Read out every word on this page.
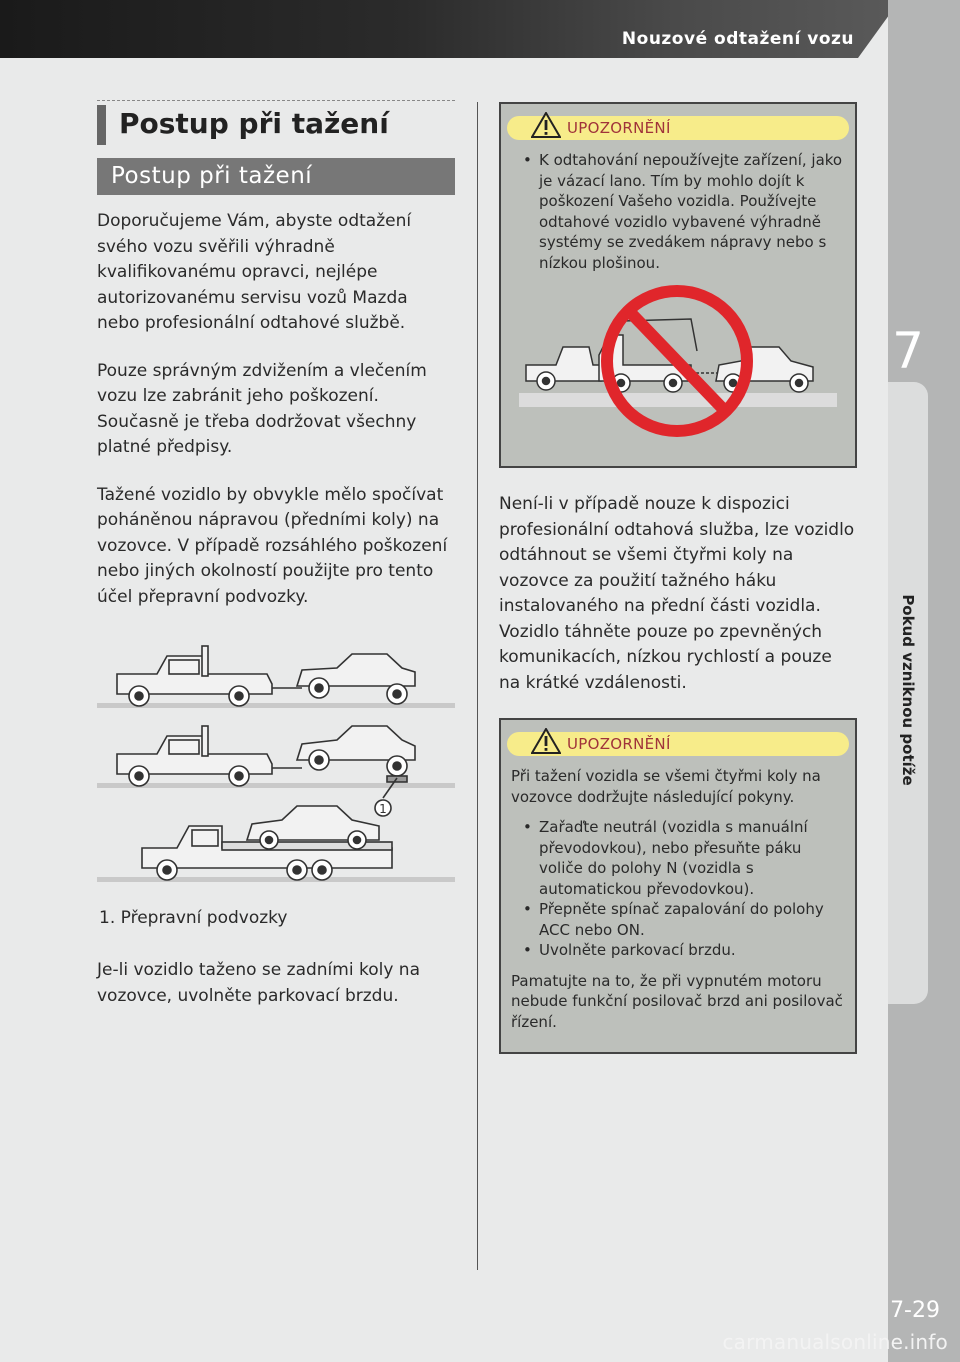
Nouzové odtažení vozu
7
Pokud vzniknou potíže
7-29
carmanualsonline.info
Postup při tažení
Postup při tažení

Doporučujeme Vám, abyste odtažení svého vozu svěřili výhradně kvalifikovanému opravci, nejlépe autorizovanému servisu vozů Mazda nebo profesionální odtahové službě.

Pouze správným zdvižením a vlečením vozu lze zabránit jeho poškození. Současně je třeba dodržovat všechny platné předpisy.

Tažené vozidlo by obvykle mělo spočívat poháněnou nápravou (předními koly) na vozovce. V případě rozsáhlého poškození nebo jiných okolností použijte pro tento účel přepravní podvozky.

1

1. Přepravní podvozky

Je-li vozidlo taženo se zadními koly na vozovce, uvolněte parkovací brzdu.

UPOZORNĚNÍ
• K odtahování nepoužívejte zařízení, jako je vázací lano. Tím by mohlo dojít k poškození Vašeho vozidla. Používejte odtahové vozidlo vybavené výhradně systémy se zvedákem nápravy nebo s nízkou plošinou.

Není-li v případě nouze k dispozici profesionální odtahová služba, lze vozidlo odtáhnout se všemi čtyřmi koly na vozovce za použití tažného háku instalovaného na přední části vozidla. Vozidlo táhněte pouze po zpevněných komunikacích, nízkou rychlostí a pouze na krátké vzdálenosti.

UPOZORNĚNÍ

Při tažení vozidla se všemi čtyřmi koly na vozovce dodržujte následující pokyny.

• Zařaďte neutrál (vozidla s manuální převodovkou), nebo přesuňte páku voliče do polohy N (vozidla s automatickou převodovkou).
• Přepněte spínač zapalování do polohy ACC nebo ON.
• Uvolněte parkovací brzdu.

Pamatujte na to, že při vypnutém motoru nebude funkční posilovač brzd ani posilovač řízení.
